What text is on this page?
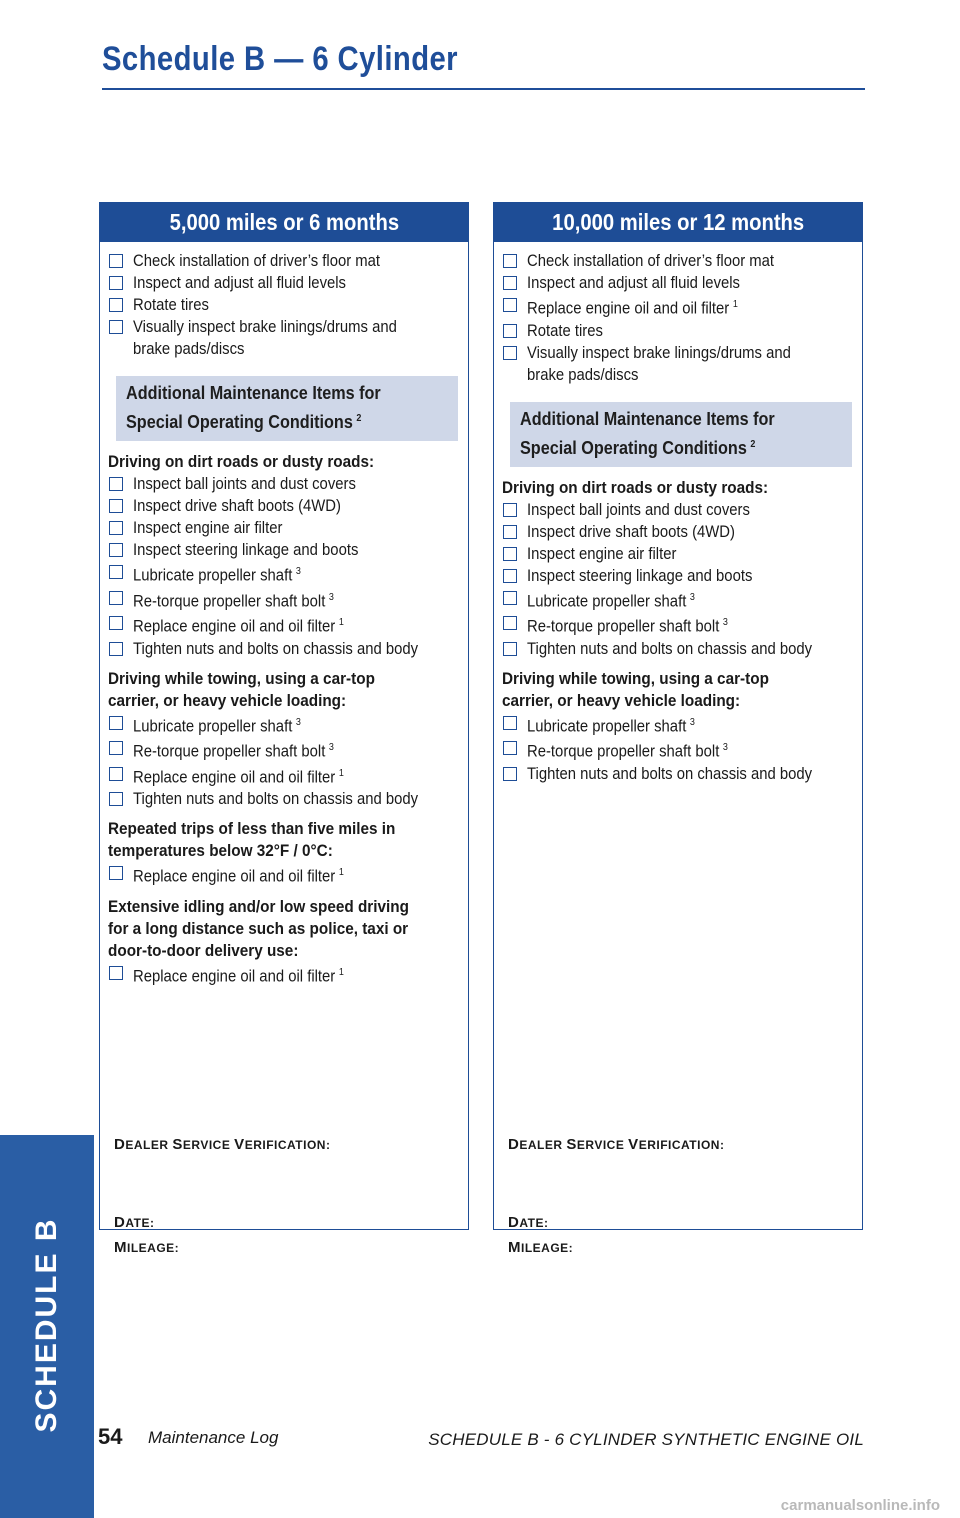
Schedule B — 6 Cylinder
5,000 miles or 6 months
Check installation of driver’s floor mat
Inspect and adjust all fluid levels
Rotate tires
Visually inspect brake linings/drums and brake pads/discs
Additional Maintenance Items for
Special Operating Conditions $^2$
Driving on dirt roads or dusty roads:
Inspect ball joints and dust covers
Inspect drive shaft boots (4WD)
Inspect engine air filter
Inspect steering linkage and boots
Lubricate propeller shaft $^3$
Re-torque propeller shaft bolt $^3$
Replace engine oil and oil filter $^1$
Tighten nuts and bolts on chassis and body
Driving while towing, using a car-top
carrier, or heavy vehicle loading:
Lubricate propeller shaft $^3$
Re-torque propeller shaft bolt $^3$
Replace engine oil and oil filter $^1$
Tighten nuts and bolts on chassis and body
Repeated trips of less than five miles in
temperatures below 32°F / 0°C:
Replace engine oil and oil filter $^1$
Extensive idling and/or low speed driving
for a long distance such as police, taxi or
door-to-door delivery use:
Replace engine oil and oil filter $^1$
DEALER SERVICE VERIFICATION:
DATE:
MILEAGE:
10,000 miles or 12 months
Check installation of driver’s floor mat
Inspect and adjust all fluid levels
Replace engine oil and oil filter $^1$
Rotate tires
Visually inspect brake linings/drums and brake pads/discs
Additional Maintenance Items for
Special Operating Conditions $^2$
Driving on dirt roads or dusty roads:
Inspect ball joints and dust covers
Inspect drive shaft boots (4WD)
Inspect engine air filter
Inspect steering linkage and boots
Lubricate propeller shaft $^3$
Re-torque propeller shaft bolt $^3$
Tighten nuts and bolts on chassis and body
Driving while towing, using a car-top
carrier, or heavy vehicle loading:
Lubricate propeller shaft $^3$
Re-torque propeller shaft bolt $^3$
Tighten nuts and bolts on chassis and body
DEALER SERVICE VERIFICATION:
DATE:
MILEAGE:
SCHEDULE B
54 Maintenance Log	SCHEDULE B - 6 CYLINDER SYNTHETIC ENGINE OIL
carmanualsonline.info
